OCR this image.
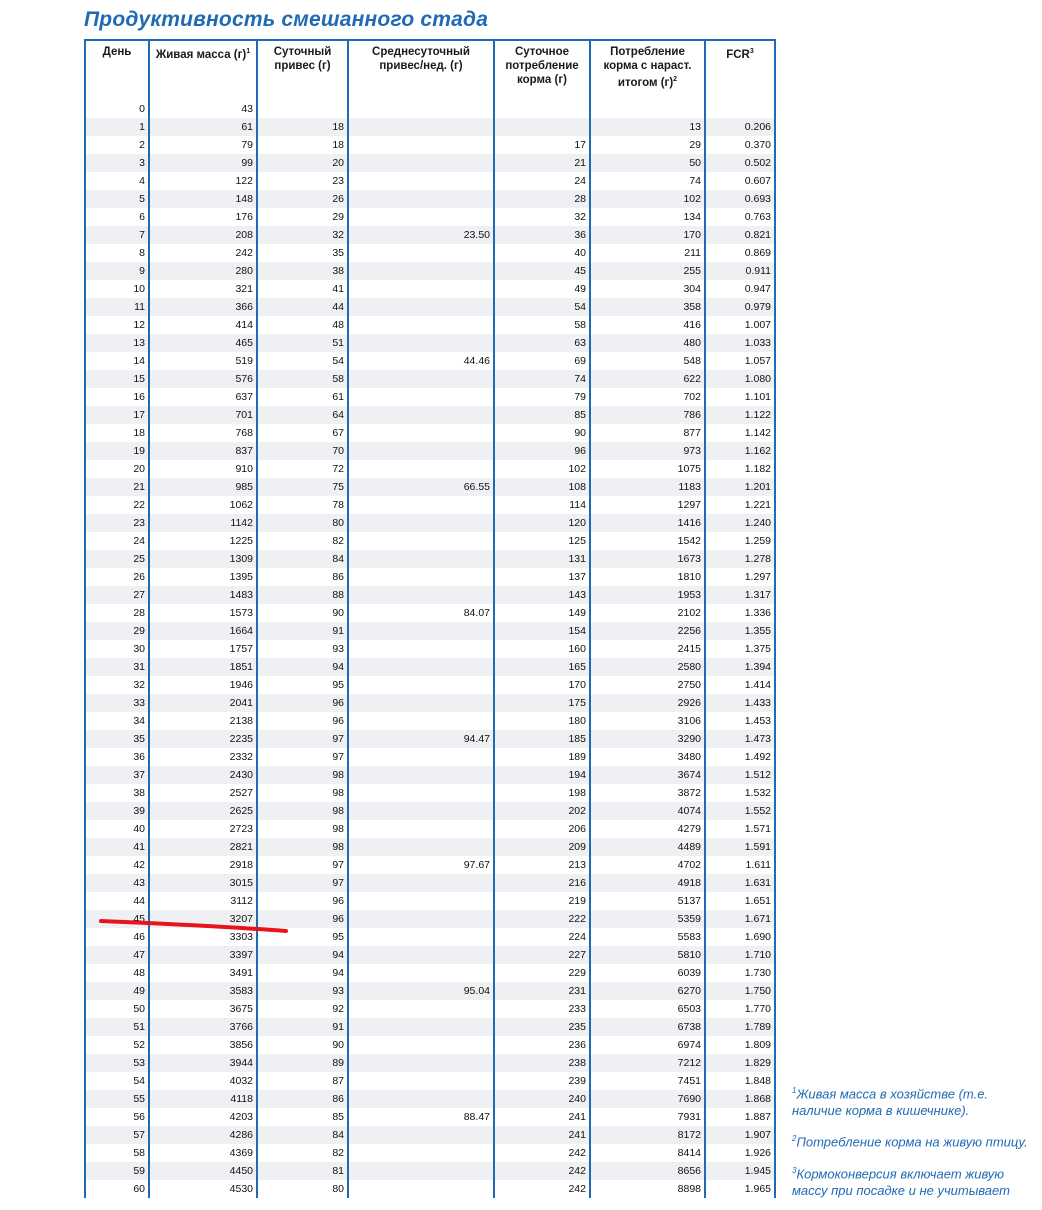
Продуктивность смешанного стада
День	Живая масса $(г)^1$	Суточный привес (г)	Среднесуточный привес/нед. (г)	Суточное потребление корма (г)	Потребление корма с нараст. итогом $(г)^2$	FCR$^3$
0	43					
1	61	18			13	0.206
2	79	18		17	29	0.370
3	99	20		21	50	0.502
4	122	23		24	74	0.607
5	148	26		28	102	0.693
6	176	29		32	134	0.763
7	208	32	23.50	36	170	0.821
8	242	35		40	211	0.869
9	280	38		45	255	0.911
10	321	41		49	304	0.947
11	366	44		54	358	0.979
12	414	48		58	416	1.007
13	465	51		63	480	1.033
14	519	54	44.46	69	548	1.057
15	576	58		74	622	1.080
16	637	61		79	702	1.101
17	701	64		85	786	1.122
18	768	67		90	877	1.142
19	837	70		96	973	1.162
20	910	72		102	1075	1.182
21	985	75	66.55	108	1183	1.201
22	1062	78		114	1297	1.221
23	1142	80		120	1416	1.240
24	1225	82		125	1542	1.259
25	1309	84		131	1673	1.278
26	1395	86		137	1810	1.297
27	1483	88		143	1953	1.317
28	1573	90	84.07	149	2102	1.336
29	1664	91		154	2256	1.355
30	1757	93		160	2415	1.375
31	1851	94		165	2580	1.394
32	1946	95		170	2750	1.414
33	2041	96		175	2926	1.433
34	2138	96		180	3106	1.453
35	2235	97	94.47	185	3290	1.473
36	2332	97		189	3480	1.492
37	2430	98		194	3674	1.512
38	2527	98		198	3872	1.532
39	2625	98		202	4074	1.552
40	2723	98		206	4279	1.571
41	2821	98		209	4489	1.591
42	2918	97	97.67	213	4702	1.611
43	3015	97		216	4918	1.631
44	3112	96		219	5137	1.651
45	3207	96		222	5359	1.671
46	3303	95		224	5583	1.690
47	3397	94		227	5810	1.710
48	3491	94		229	6039	1.730
49	3583	93	95.04	231	6270	1.750
50	3675	92		233	6503	1.770
51	3766	91		235	6738	1.789
52	3856	90		236	6974	1.809
53	3944	89		238	7212	1.829
54	4032	87		239	7451	1.848
55	4118	86		240	7690	1.868
56	4203	85	88.47	241	7931	1.887
57	4286	84		241	8172	1.907
58	4369	82		242	8414	1.926
59	4450	81		242	8656	1.945
60	4530	80		242	8898	1.965
$^1$Живая масса в хозяйстве (т.е. наличие корма в кишечнике).
$^2$Потребление корма на живую птицу.
$^3$Кормоконверсия включает живую массу при посадке и не учитывает
